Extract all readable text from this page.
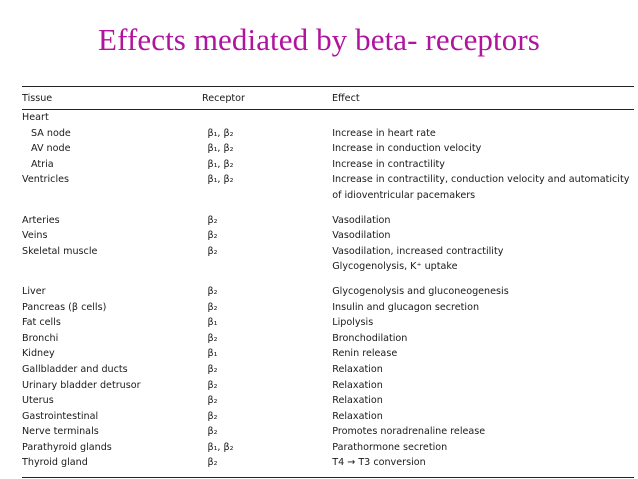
Effects mediated by beta- receptors
Tissue	Receptor	Effect
Heart		
SA node	β₁, β₂	Increase in heart rate
AV node	β₁, β₂	Increase in conduction velocity
Atria	β₁, β₂	Increase in contractility
Ventricles	β₁, β₂	Increase in contractility, conduction velocity and automaticity
		of idioventricular pacemakers

Arteries	β₂	Vasodilation
Veins	β₂	Vasodilation
Skeletal muscle	β₂	Vasodilation, increased contractility
		Glycogenolysis, K⁺ uptake

Liver	β₂	Glycogenolysis and gluconeogenesis
Pancreas (β cells)	β₂	Insulin and glucagon secretion
Fat cells	β₁	Lipolysis
Bronchi	β₂	Bronchodilation
Kidney	β₁	Renin release
Gallbladder and ducts	β₂	Relaxation
Urinary bladder detrusor	β₂	Relaxation
Uterus	β₂	Relaxation
Gastrointestinal	β₂	Relaxation
Nerve terminals	β₂	Promotes noradrenaline release
Parathyroid glands	β₁, β₂	Parathormone secretion
Thyroid gland	β₂	T4 → T3 conversion
